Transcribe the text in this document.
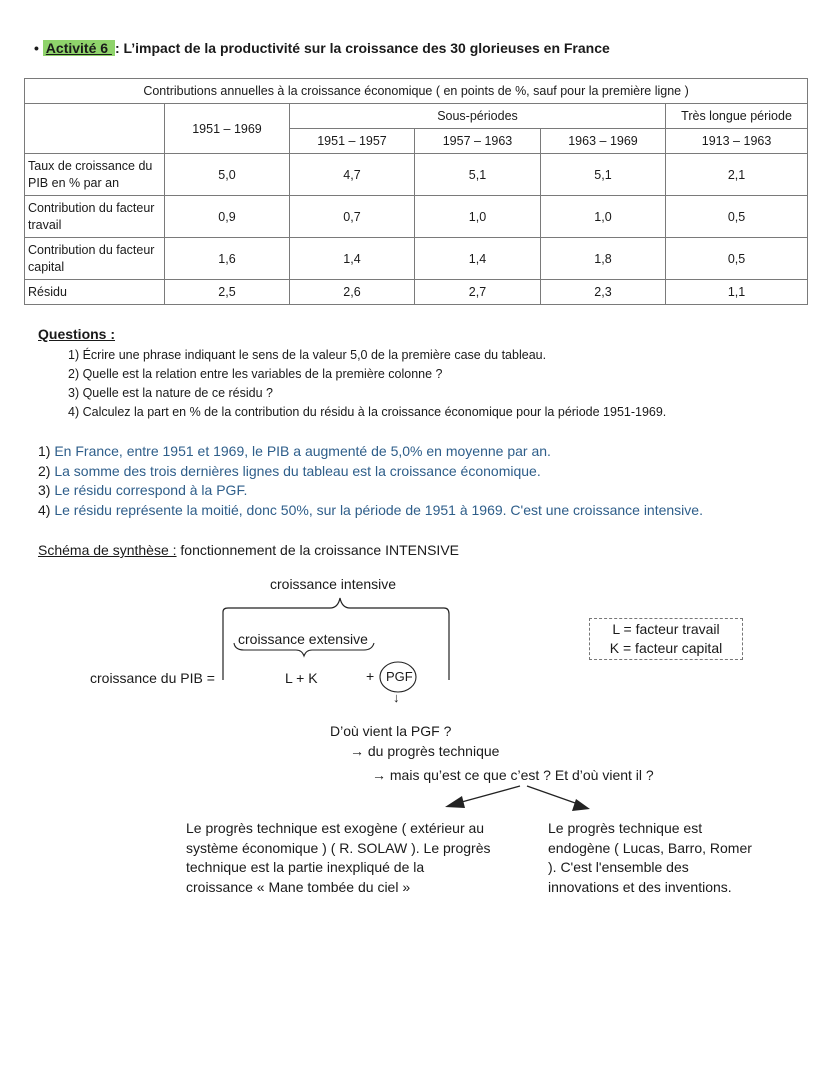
• Activité 6 : L’impact de la productivité sur la croissance des 30 glorieuses en France
Contributions annuelles à la croissance économique ( en points de %, sauf pour la première ligne )					
	1951 – 1969	Sous-périodes			Très longue période
		1951 – 1957	1957 – 1963	1963 – 1969	1913 – 1963
Taux de croissance du PIB en % par an	5,0	4,7	5,1	5,1	2,1
Contribution du facteur travail	0,9	0,7	1,0	1,0	0,5
Contribution du facteur capital	1,6	1,4	1,4	1,8	0,5
Résidu	2,5	2,6	2,7	2,3	1,1
Questions :
1) Écrire une phrase indiquant le sens de la valeur 5,0 de la première case du tableau.
2) Quelle est la relation entre les variables de la première colonne ?
3) Quelle est la nature de ce résidu ?
4) Calculez la part en % de la contribution du résidu à la croissance économique pour la période 1951-1969.
1) En France, entre 1951 et 1969, le PIB a augmenté de 5,0% en moyenne par an.
2) La somme des trois dernières lignes du tableau est la croissance économique.
3) Le résidu correspond à la PGF.
4) Le résidu représente la moitié, donc 50%, sur la période de 1951 à 1969. C'est une croissance intensive.
Schéma de synthèse : fonctionnement de la croissance INTENSIVE
croissance intensive
croissance extensive
croissance du PIB =	L + K	+ PGF
↓
L = facteur travail
K = facteur capital
D’où vient la PGF ?
→ du progrès technique
→ mais qu’est ce que c’est ? Et d’où vient il ?
Le progrès technique est exogène ( extérieur au système économique ) ( R. SOLAW ). Le progrès technique est la partie inexpliqué de la croissance « Mane tombée du ciel »
Le progrès technique est endogène ( Lucas, Barro, Romer ). C'est l'ensemble des innovations et des inventions.
